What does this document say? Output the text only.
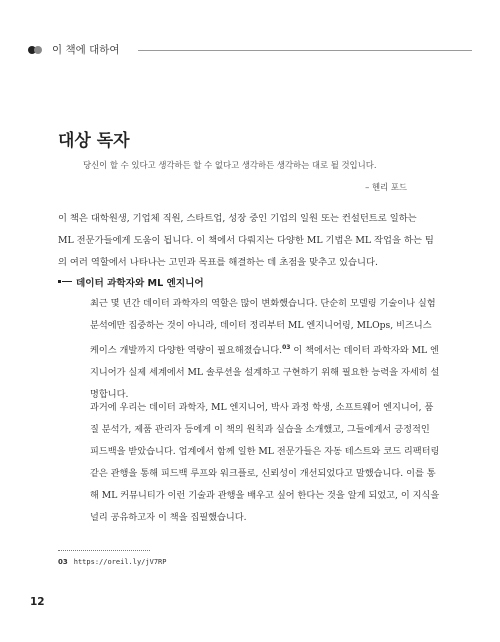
이 책에 대하여
대상 독자
당신이 할 수 있다고 생각하든 할 수 없다고 생각하든 생각하는 대로 될 것입니다.
– 헨리 포드
이 책은 대학원생, 기업체 직원, 스타트업, 성장 중인 기업의 일원 또는 컨설턴트로 일하는
ML 전문가들에게 도움이 됩니다. 이 책에서 다뤄지는 다양한 ML 기법은 ML 작업을 하는 팀
의 여러 역할에서 나타나는 고민과 목표를 해결하는 데 초점을 맞추고 있습니다.
데이터 과학자와 ML 엔지니어
최근 몇 년간 데이터 과학자의 역할은 많이 변화했습니다. 단순히 모델링 기술이나 실험
분석에만 집중하는 것이 아니라, 데이터 정리부터 ML 엔지니어링, MLOps, 비즈니스
케이스 개발까지 다양한 역량이 필요해졌습니다.$^{03}$ 이 책에서는 데이터 과학자와 ML 엔
지니어가 실제 세계에서 ML 솔루션을 설계하고 구현하기 위해 필요한 능력을 자세히 설
명합니다.
과거에 우리는 데이터 과학자, ML 엔지니어, 박사 과정 학생, 소프트웨어 엔지니어, 품
질 분석가, 제품 관리자 등에게 이 책의 원칙과 실습을 소개했고, 그들에게서 긍정적인
피드백을 받았습니다. 업계에서 함께 일한 ML 전문가들은 자동 테스트와 코드 리팩터링
같은 관행을 통해 피드백 루프와 워크플로, 신뢰성이 개선되었다고 말했습니다. 이를 통
해 ML 커뮤니티가 이런 기술과 관행을 배우고 싶어 한다는 것을 알게 되었고, 이 지식을
널리 공유하고자 이 책을 집필했습니다.
03 https://oreil.ly/jV7RP
12
